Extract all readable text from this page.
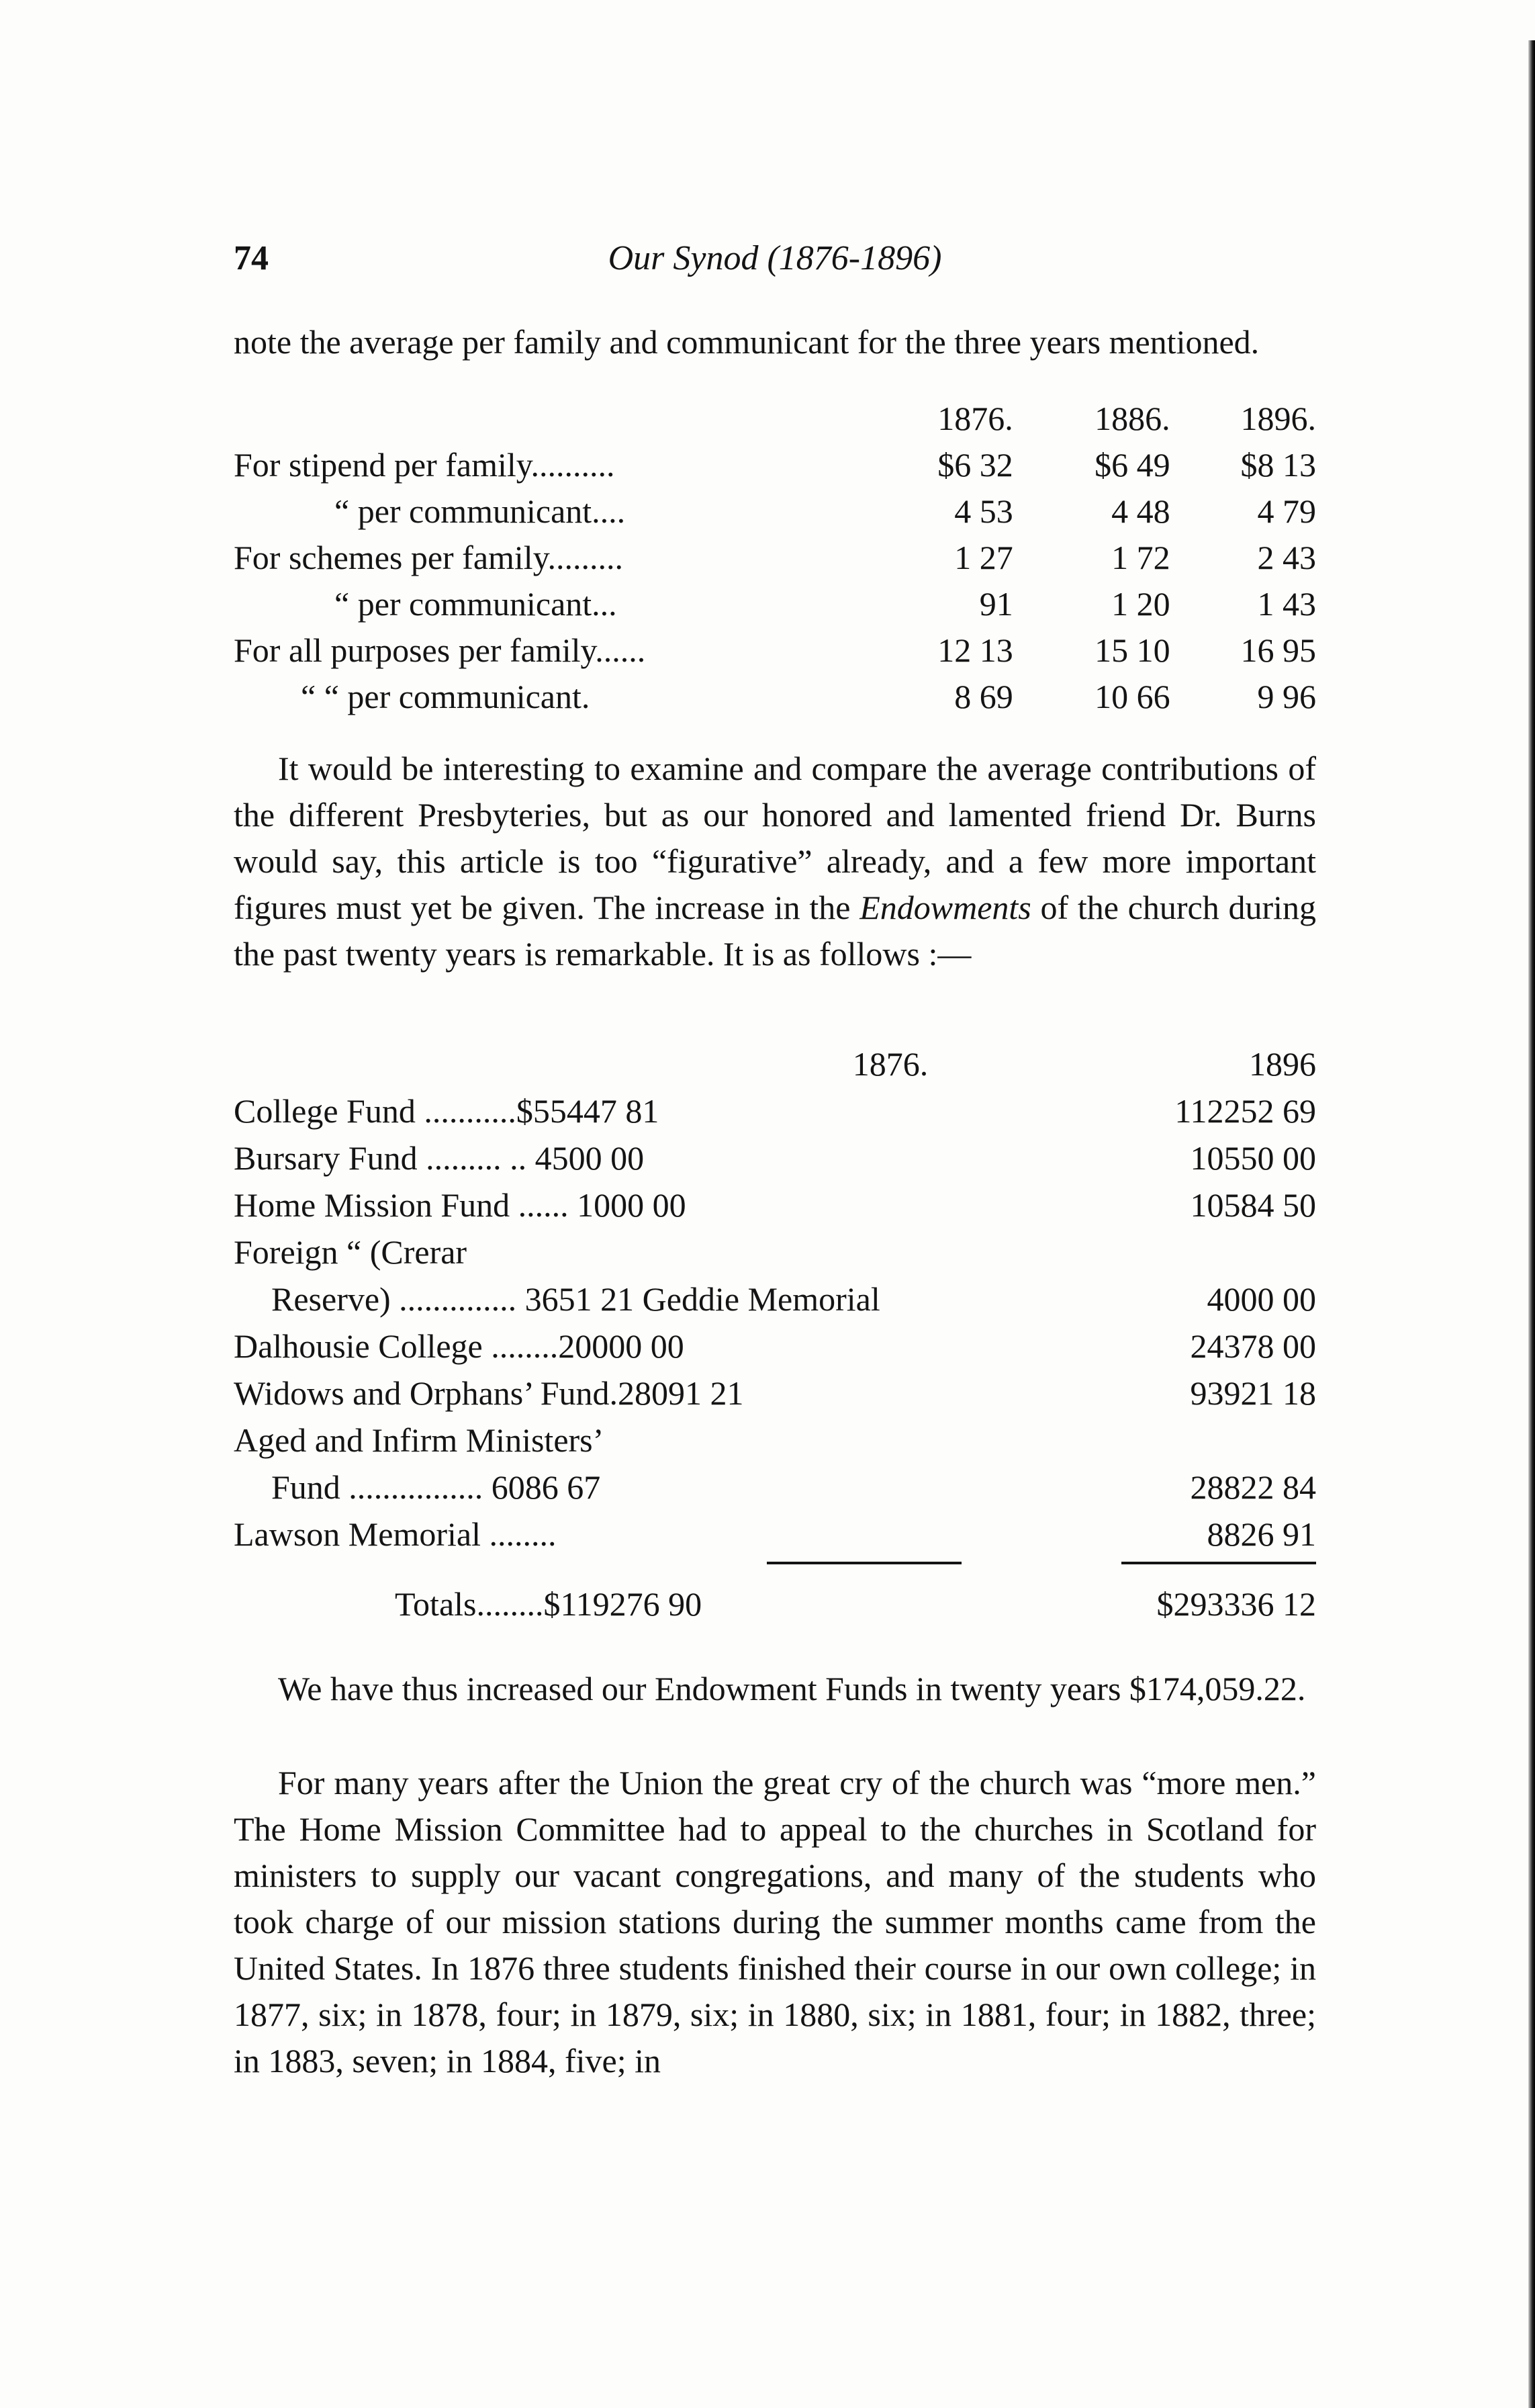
74	Our Synod (1876-1896)

note the average per family and communicant for the three years mentioned.

	1876.	1886.	1896.
For stipend per family..........	$6 32	$6 49	$8 13
“ per communicant....	4 53	4 48	4 79
For schemes per family.........	1 27	1 72	2 43
“ per communicant...	91	1 20	1 43
For all purposes per family......	12 13	15 10	16 95
“ “ per communicant.	8 69	10 66	9 96

It would be interesting to examine and compare the average contributions of the different Presbyteries, but as our honored and lamented friend Dr. Burns would say, this article is too “figurative” already, and a few more important figures must yet be given. The increase in the Endowments of the church during the past twenty years is remarkable. It is as follows :—

1876.		1896
College Fund ...........$55447 81		112252 69
Bursary Fund ......... .. 4500 00		10550 00
Home Mission Fund ...... 1000 00		10584 50
Foreign “ (Crerar		
Reserve) .............. 3651 21 Geddie Memorial		4000 00
Dalhousie College ........20000 00		24378 00
Widows and Orphans’ Fund.28091 21		93921 18
Aged and Infirm Ministers’		
Fund ................ 6086 67		28822 84
Lawson Memorial ........		8826 91

Totals........$119276 90		$293336 12

We have thus increased our Endowment Funds in twenty years $174,059.22.

For many years after the Union the great cry of the church was “more men.” The Home Mission Committee had to appeal to the churches in Scotland for ministers to supply our vacant congregations, and many of the students who took charge of our mission stations during the summer months came from the United States. In 1876 three students finished their course in our own college; in 1877, six; in 1878, four; in 1879, six; in 1880, six; in 1881, four; in 1882, three; in 1883, seven; in 1884, five; in
